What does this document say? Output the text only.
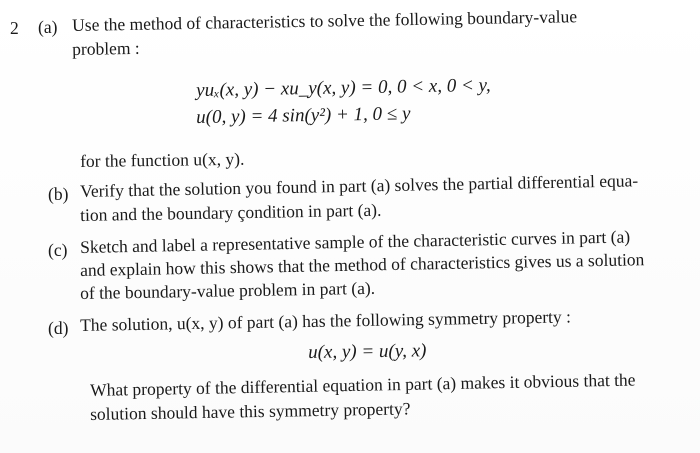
2 (a) Use the method of characteristics to solve the following boundary-value
problem :
yuₓ(x, y) − xu_y(x, y) = 0, 0 < x, 0 < y,
u(0, y) = 4 sin(y²) + 1, 0 ≤ y
for the function u(x, y).
(b) Verify that the solution you found in part (a) solves the partial differential equa-
tion and the boundary çondition in part (a).
(c) Sketch and label a representative sample of the characteristic curves in part (a)
and explain how this shows that the method of characteristics gives us a solution
of the boundary-value problem in part (a).
(d) The solution, u(x, y) of part (a) has the following symmetry property :
u(x, y) = u(y, x)
What property of the differential equation in part (a) makes it obvious that the
solution should have this symmetry property?
